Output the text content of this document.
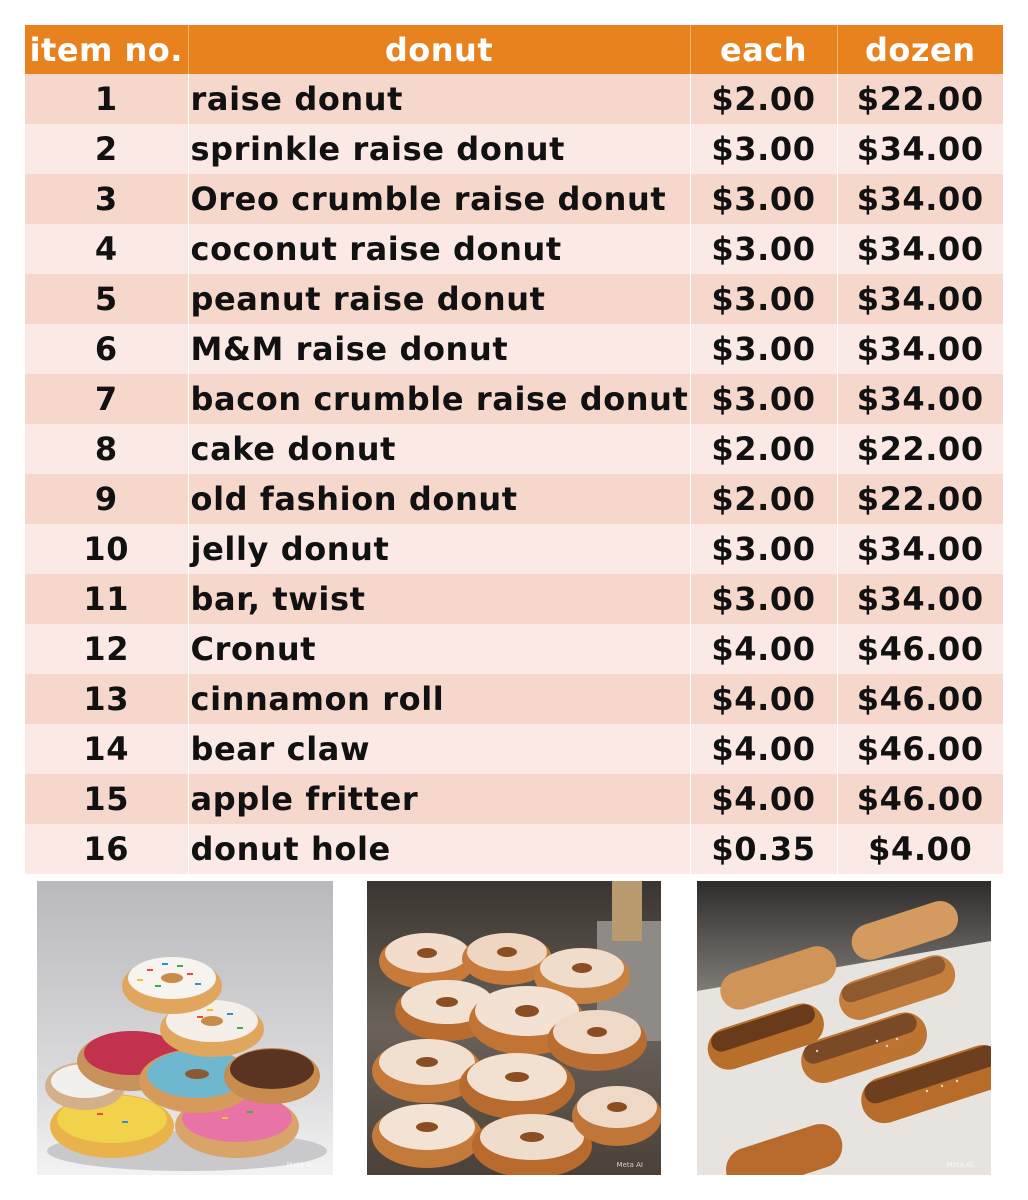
item no.	donut	each	dozen
1	raise donut	$2.00	$22.00
2	sprinkle raise donut	$3.00	$34.00
3	Oreo crumble raise donut	$3.00	$34.00
4	coconut raise donut	$3.00	$34.00
5	peanut raise donut	$3.00	$34.00
6	M&M raise donut	$3.00	$34.00
7	bacon crumble raise donut	$3.00	$34.00
8	cake donut	$2.00	$22.00
9	old fashion donut	$2.00	$22.00
10	jelly donut	$3.00	$34.00
11	bar, twist	$3.00	$34.00
12	Cronut	$4.00	$46.00
13	cinnamon roll	$4.00	$46.00
14	bear claw	$4.00	$46.00
15	apple fritter	$4.00	$46.00
16	donut hole	$0.35	$4.00
Meta AI	Meta AI	Meta AI
